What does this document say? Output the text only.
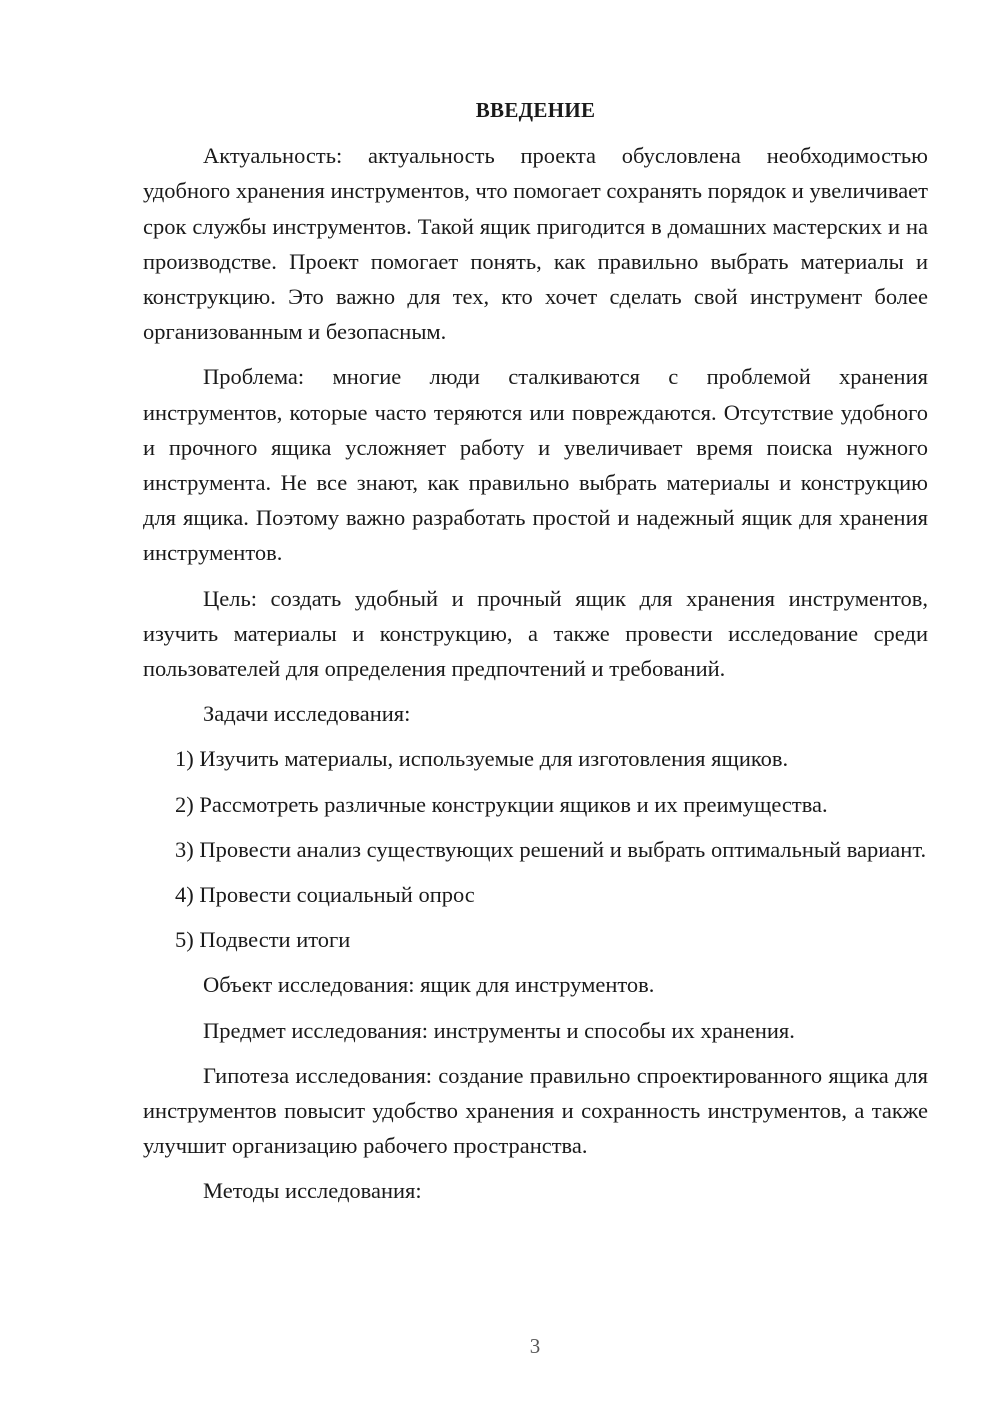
ВВЕДЕНИЕ
Актуальность: актуальность проекта обусловлена необходимостью удобного хранения инструментов, что помогает сохранять порядок и увеличивает срок службы инструментов. Такой ящик пригодится в домашних мастерских и на производстве. Проект помогает понять, как правильно выбрать материалы и конструкцию. Это важно для тех, кто хочет сделать свой инструмент более организованным и безопасным.
Проблема: многие люди сталкиваются с проблемой хранения инструментов, которые часто теряются или повреждаются. Отсутствие удобного и прочного ящика усложняет работу и увеличивает время поиска нужного инструмента. Не все знают, как правильно выбрать материалы и конструкцию для ящика. Поэтому важно разработать простой и надежный ящик для хранения инструментов.
Цель: создать удобный и прочный ящик для хранения инструментов, изучить материалы и конструкцию, а также провести исследование среди пользователей для определения предпочтений и требований.
Задачи исследования:
1) Изучить материалы, используемые для изготовления ящиков.
2) Рассмотреть различные конструкции ящиков и их преимущества.
3) Провести анализ существующих решений и выбрать оптимальный вариант.
4) Провести социальный опрос
5) Подвести итоги
Объект исследования: ящик для инструментов.
Предмет исследования: инструменты и способы их хранения.
Гипотеза исследования: создание правильно спроектированного ящика для инструментов повысит удобство хранения и сохранность инструментов, а также улучшит организацию рабочего пространства.
Методы исследования:
3
